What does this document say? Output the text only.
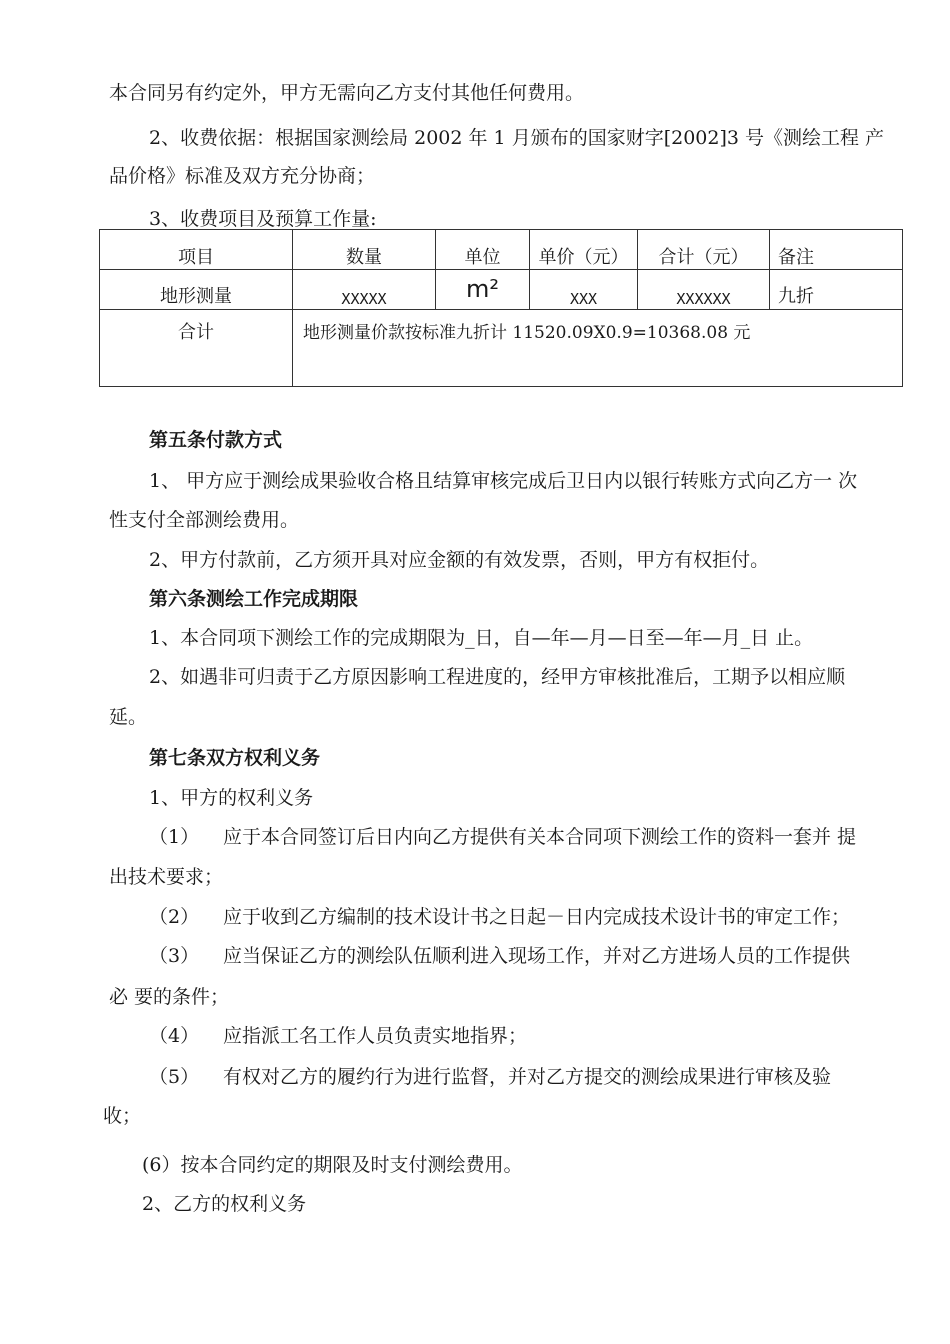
本合同另有约定外，甲方无需向乙方支付其他任何费用。
2、收费依据：根据国家测绘局 2002 年 1 月颁布的国家财字[2002]3 号《测绘工程 产
品价格》标准及双方充分协商；
3、收费项目及预算工作量:
项目	数量	单位	单价（元）	合计（元）	备注
地形测量	XXXXX	m²	XXX	XXXXXX	九折
合计	地形测量价款按标准九折计 11520.09X0.9=10368.08 元
第五条付款方式
1、 甲方应于测绘成果验收合格且结算审核完成后卫日内以银行转账方式向乙方一 次
性支付全部测绘费用。
2、甲方付款前，乙方须开具对应金额的有效发票，否则，甲方有权拒付。
第六条测绘工作完成期限
1、本合同项下测绘工作的完成期限为_日，自—年—月—日至—年—月_日 止。
2、如遇非可归责于乙方原因影响工程进度的，经甲方审核批准后，工期予以相应顺
延。
第七条双方权利义务
1、甲方的权利义务
（1） 应于本合同签订后日内向乙方提供有关本合同项下测绘工作的资料一套并 提
出技术要求；
（2） 应于收到乙方编制的技术设计书之日起－日内完成技术设计书的审定工作；
（3） 应当保证乙方的测绘队伍顺利进入现场工作，并对乙方进场人员的工作提供
必 要的条件；
（4） 应指派工名工作人员负责实地指界；
（5） 有权对乙方的履约行为进行监督，并对乙方提交的测绘成果进行审核及验
收；
(6）按本合同约定的期限及时支付测绘费用。
2、乙方的权利义务
